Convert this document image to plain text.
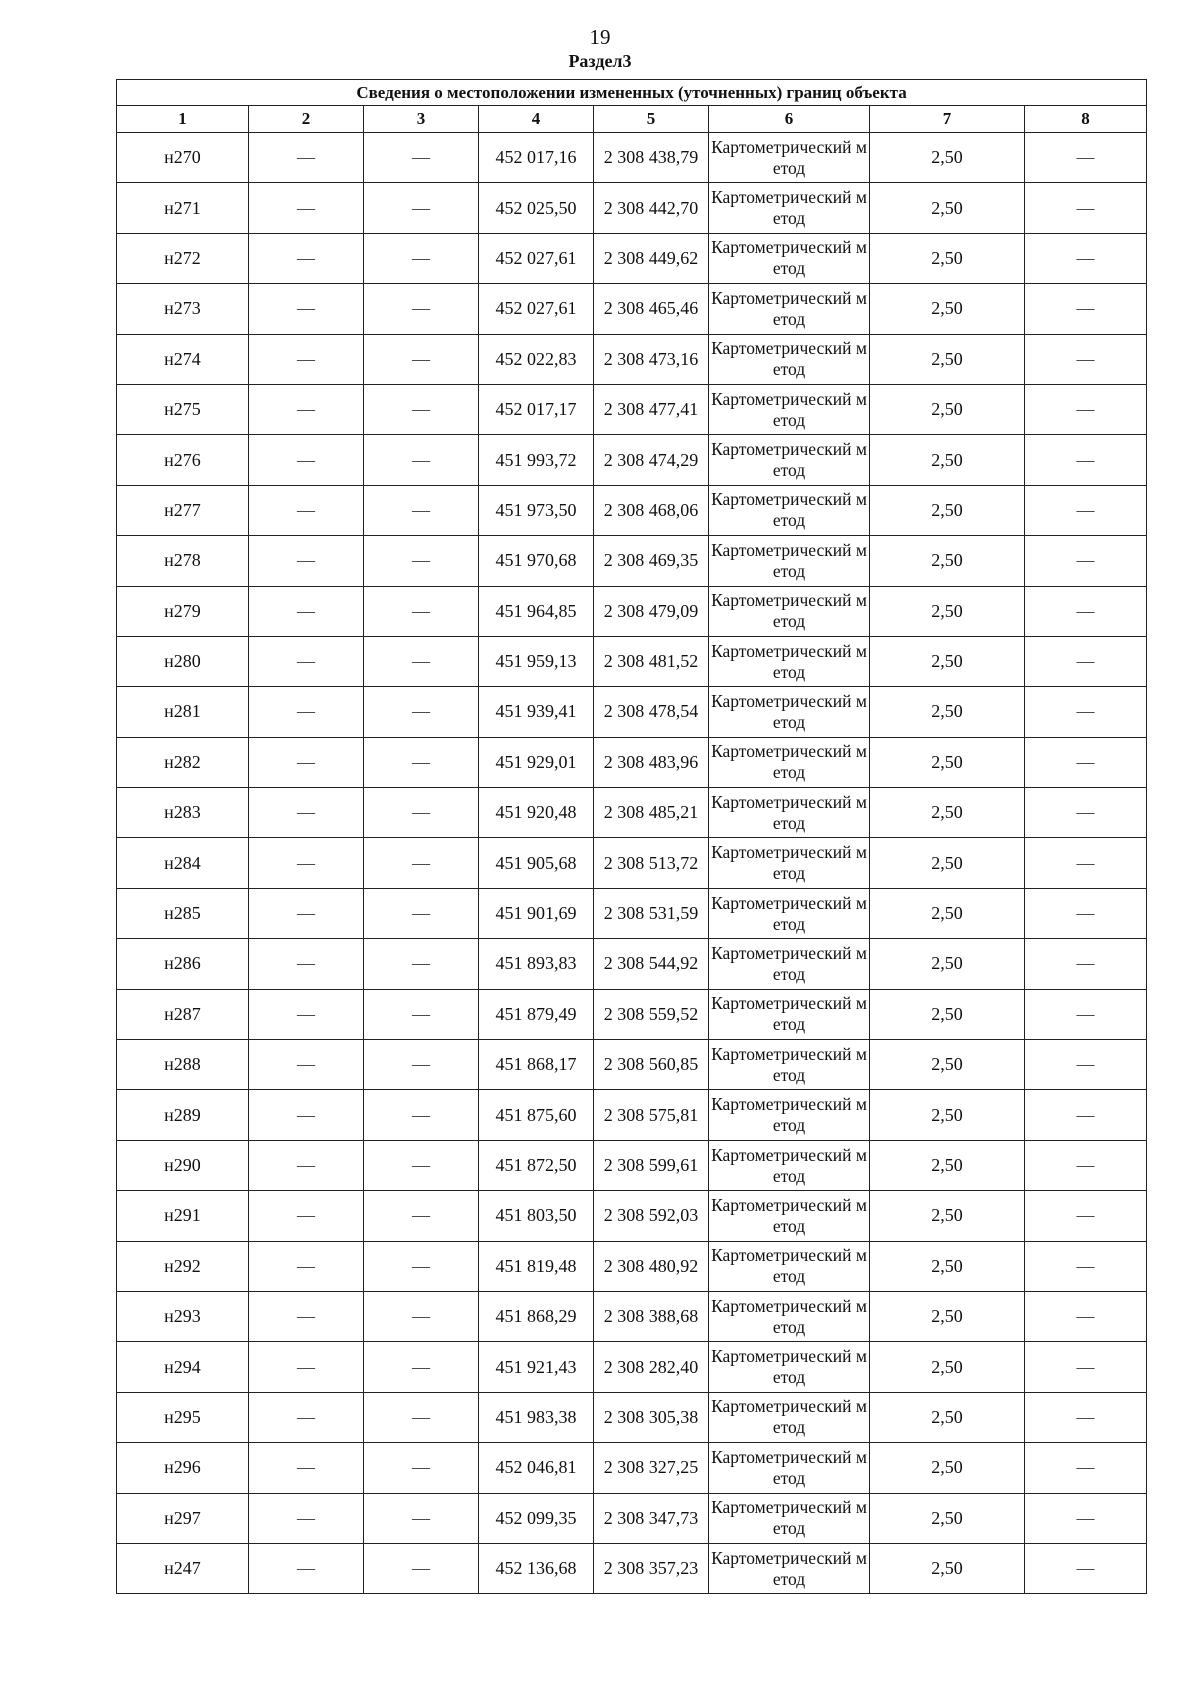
19
Раздел3
Сведения о местоположении измененных (уточненных) границ объекта							
1	2	3	4	5	6	7	8
н270	—	—	452 017,16	2 308 438,79	Картометрический метод	2,50	—
н271	—	—	452 025,50	2 308 442,70	Картометрический метод	2,50	—
н272	—	—	452 027,61	2 308 449,62	Картометрический метод	2,50	—
н273	—	—	452 027,61	2 308 465,46	Картометрический метод	2,50	—
н274	—	—	452 022,83	2 308 473,16	Картометрический метод	2,50	—
н275	—	—	452 017,17	2 308 477,41	Картометрический метод	2,50	—
н276	—	—	451 993,72	2 308 474,29	Картометрический метод	2,50	—
н277	—	—	451 973,50	2 308 468,06	Картометрический метод	2,50	—
н278	—	—	451 970,68	2 308 469,35	Картометрический метод	2,50	—
н279	—	—	451 964,85	2 308 479,09	Картометрический метод	2,50	—
н280	—	—	451 959,13	2 308 481,52	Картометрический метод	2,50	—
н281	—	—	451 939,41	2 308 478,54	Картометрический метод	2,50	—
н282	—	—	451 929,01	2 308 483,96	Картометрический метод	2,50	—
н283	—	—	451 920,48	2 308 485,21	Картометрический метод	2,50	—
н284	—	—	451 905,68	2 308 513,72	Картометрический метод	2,50	—
н285	—	—	451 901,69	2 308 531,59	Картометрический метод	2,50	—
н286	—	—	451 893,83	2 308 544,92	Картометрический метод	2,50	—
н287	—	—	451 879,49	2 308 559,52	Картометрический метод	2,50	—
н288	—	—	451 868,17	2 308 560,85	Картометрический метод	2,50	—
н289	—	—	451 875,60	2 308 575,81	Картометрический метод	2,50	—
н290	—	—	451 872,50	2 308 599,61	Картометрический метод	2,50	—
н291	—	—	451 803,50	2 308 592,03	Картометрический метод	2,50	—
н292	—	—	451 819,48	2 308 480,92	Картометрический метод	2,50	—
н293	—	—	451 868,29	2 308 388,68	Картометрический метод	2,50	—
н294	—	—	451 921,43	2 308 282,40	Картометрический метод	2,50	—
н295	—	—	451 983,38	2 308 305,38	Картометрический метод	2,50	—
н296	—	—	452 046,81	2 308 327,25	Картометрический метод	2,50	—
н297	—	—	452 099,35	2 308 347,73	Картометрический метод	2,50	—
н247	—	—	452 136,68	2 308 357,23	Картометрический метод	2,50	—
